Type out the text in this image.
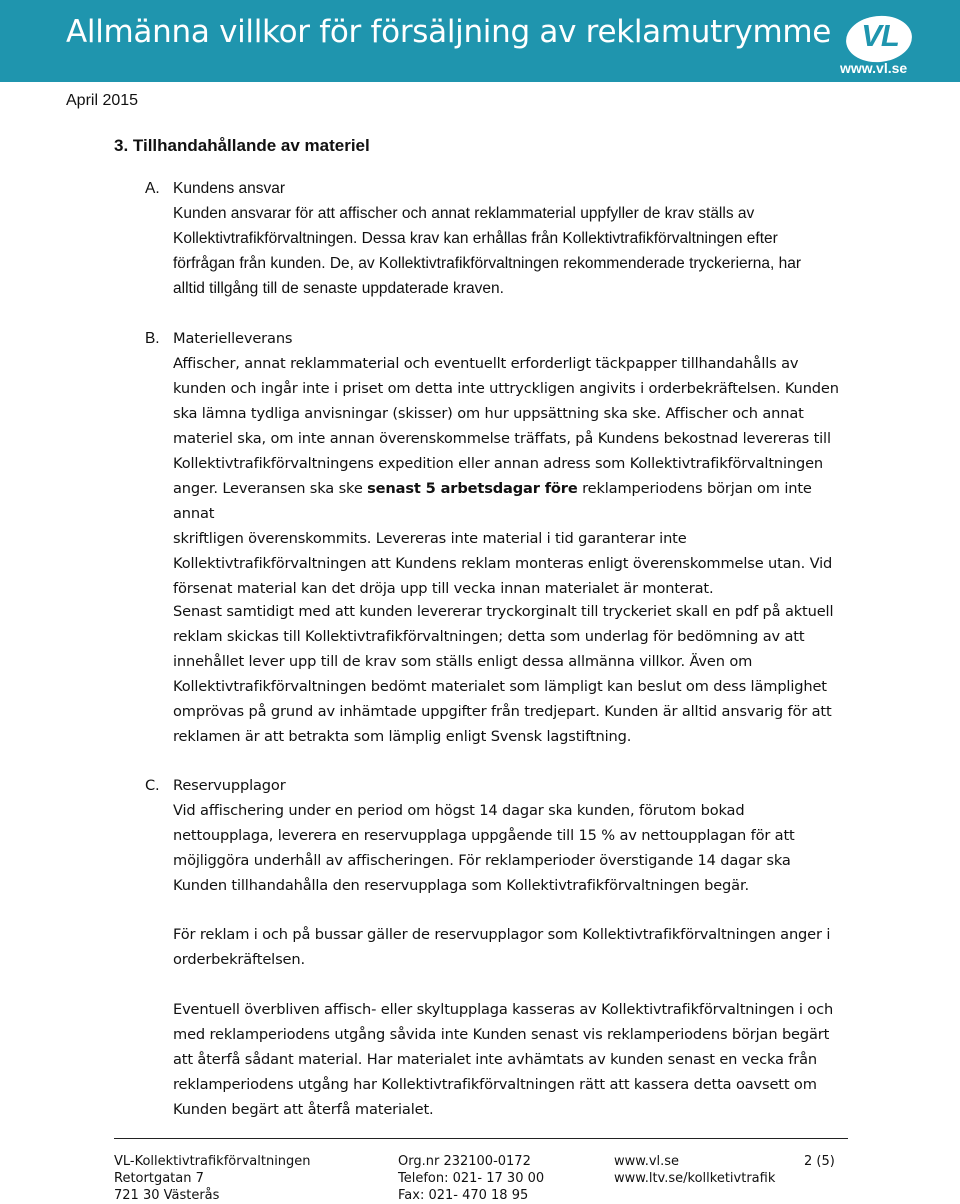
Allmänna villkor för försäljning av reklamutrymme VL
www.vl.se
April 2015
3. Tillhandahållande av materiel
A. Kundens ansvar

Kunden ansvarar för att affischer och annat reklammaterial uppfyller de krav ställs av

Kollektivtrafikförvaltningen. Dessa krav kan erhållas från Kollektivtrafikförvaltningen efter

förfrågan från kunden. De, av Kollektivtrafikförvaltningen rekommenderade tryckerierna, har

alltid tillgång till de senaste uppdaterade kraven.

B. Materielleverans

Affischer, annat reklammaterial och eventuellt erforderligt täckpapper tillhandahålls av

kunden och ingår inte i priset om detta inte uttryckligen angivits i orderbekräftelsen. Kunden

ska lämna tydliga anvisningar (skisser) om hur uppsättning ska ske. Affischer och annat

materiel ska, om inte annan överenskommelse träffats, på Kundens bekostnad levereras till

Kollektivtrafikförvaltningens expedition eller annan adress som Kollektivtrafikförvaltningen

anger. Leveransen ska ske senast 5 arbetsdagar före reklamperiodens början om inte annat

skriftligen överenskommits. Levereras inte material i tid garanterar inte

Kollektivtrafikförvaltningen att Kundens reklam monteras enligt överenskommelse utan. Vid

försenat material kan det dröja upp till vecka innan materialet är monterat.

Senast samtidigt med att kunden levererar tryckorginalt till tryckeriet skall en pdf på aktuell

reklam skickas till Kollektivtrafikförvaltningen; detta som underlag för bedömning av att

innehållet lever upp till de krav som ställs enligt dessa allmänna villkor. Även om

Kollektivtrafikförvaltningen bedömt materialet som lämpligt kan beslut om dess lämplighet

omprövas på grund av inhämtade uppgifter från tredjepart. Kunden är alltid ansvarig för att

reklamen är att betrakta som lämplig enligt Svensk lagstiftning.

C. Reservupplagor

Vid affischering under en period om högst 14 dagar ska kunden, förutom bokad

nettoupplaga, leverera en reservupplaga uppgående till 15 % av nettoupplagan för att

möjliggöra underhåll av affischeringen. För reklamperioder överstigande 14 dagar ska

Kunden tillhandahålla den reservupplaga som Kollektivtrafikförvaltningen begär.

För reklam i och på bussar gäller de reservupplagor som Kollektivtrafikförvaltningen anger i

orderbekräftelsen.

Eventuell överbliven affisch- eller skyltupplaga kasseras av Kollektivtrafikförvaltningen i och

med reklamperiodens utgång såvida inte Kunden senast vis reklamperiodens början begärt

att återfå sådant material. Har materialet inte avhämtats av kunden senast en vecka från

reklamperiodens utgång har Kollektivtrafikförvaltningen rätt att kassera detta oavsett om

Kunden begärt att återfå materialet.

VL-Kollektivtrafikförvaltningen
Retortgatan 7
721 30 Västerås
Org.nr 232100-0172
Telefon: 021- 17 30 00
Fax: 021- 470 18 95
www.vl.se
www.ltv.se/kollketivtrafik
2 (5)
